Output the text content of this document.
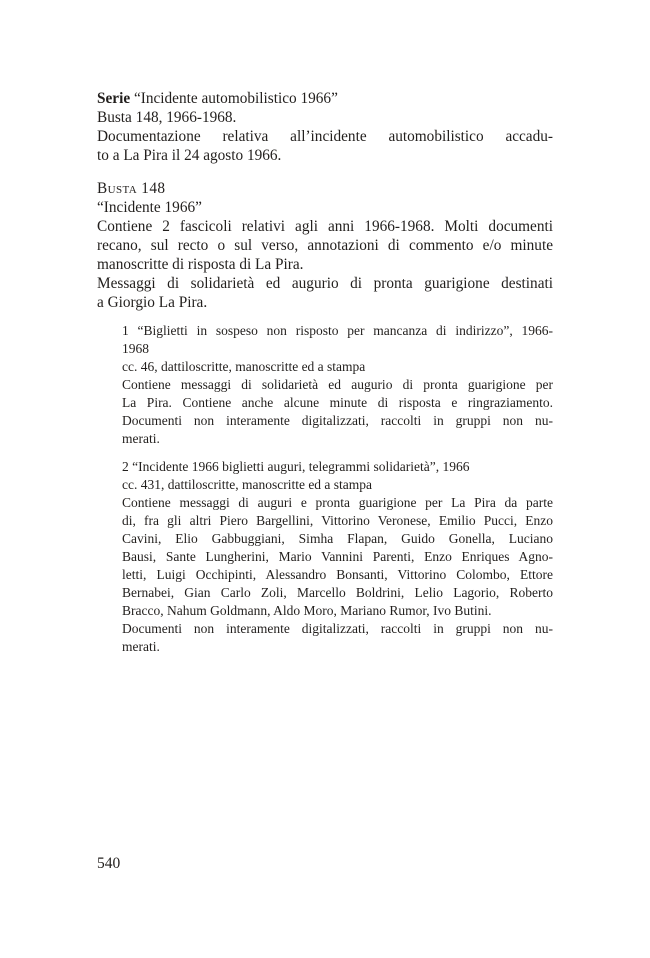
Serie “Incidente automobilistico 1966”
Busta 148, 1966-1968.
Documentazione relativa all’incidente automobilistico accadu-
to a La Pira il 24 agosto 1966.
Busta 148
“Incidente 1966”
Contiene 2 fascicoli relativi agli anni 1966-1968. Molti documenti
recano, sul recto o sul verso, annotazioni di commento e/o minute
manoscritte di risposta di La Pira.
Messaggi di solidarietà ed augurio di pronta guarigione destinati
a Giorgio La Pira.
1 “Biglietti in sospeso non risposto per mancanza di indirizzo”, 1966-
1968
cc. 46, dattiloscritte, manoscritte ed a stampa
Contiene messaggi di solidarietà ed augurio di pronta guarigione per
La Pira. Contiene anche alcune minute di risposta e ringraziamento.
Documenti non interamente digitalizzati, raccolti in gruppi non nu-
merati.
2 “Incidente 1966 biglietti auguri, telegrammi solidarietà”, 1966
cc. 431, dattiloscritte, manoscritte ed a stampa
Contiene messaggi di auguri e pronta guarigione per La Pira da parte
di, fra gli altri Piero Bargellini, Vittorino Veronese, Emilio Pucci, Enzo
Cavini, Elio Gabbuggiani, Simha Flapan, Guido Gonella, Luciano
Bausi, Sante Lungherini, Mario Vannini Parenti, Enzo Enriques Agno-
letti, Luigi Occhipinti, Alessandro Bonsanti, Vittorino Colombo, Ettore
Bernabei, Gian Carlo Zoli, Marcello Boldrini, Lelio Lagorio, Roberto
Bracco, Nahum Goldmann, Aldo Moro, Mariano Rumor, Ivo Butini.
Documenti non interamente digitalizzati, raccolti in gruppi non nu-
merati.
540
